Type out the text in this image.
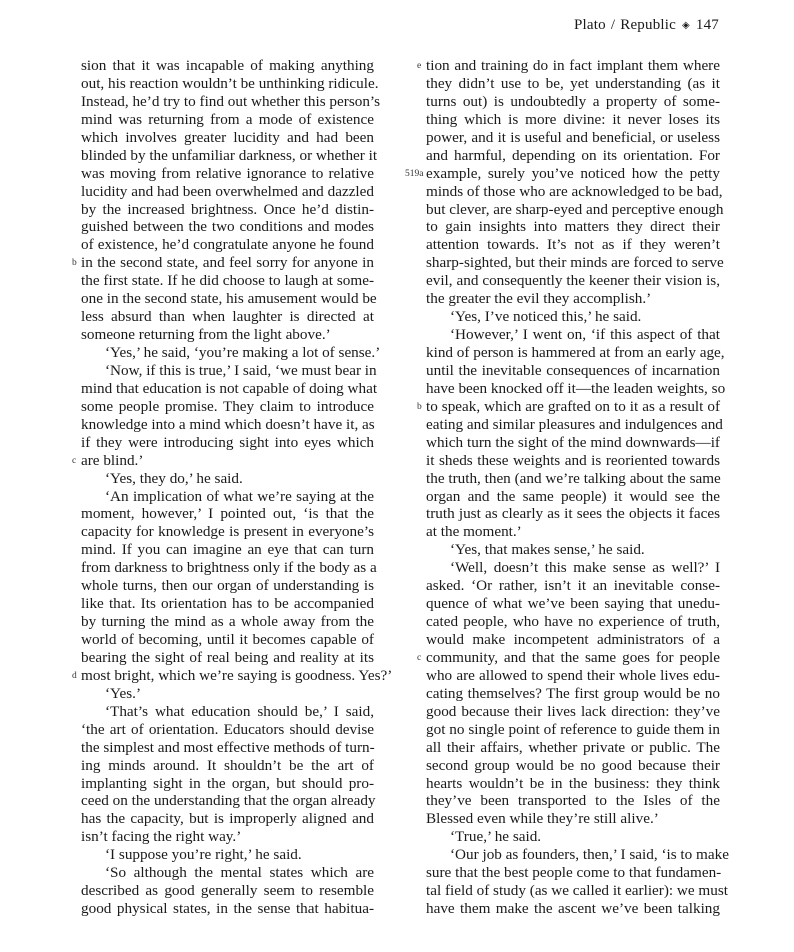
Plato / Republic ◈ 147
sion that it was incapable of making anything
out, his reaction wouldn’t be unthinking ridicule.
Instead, he’d try to find out whether this person’s
mind was returning from a mode of existence
which involves greater lucidity and had been
blinded by the unfamiliar darkness, or whether it
was moving from relative ignorance to relative
lucidity and had been overwhelmed and dazzled
by the increased brightness. Once he’d distin-
guished between the two conditions and modes
of existence, he’d congratulate anyone he found
b in the second state, and feel sorry for anyone in
the first state. If he did choose to laugh at some-
one in the second state, his amusement would be
less absurd than when laughter is directed at
someone returning from the light above.’
‘Yes,’ he said, ‘you’re making a lot of sense.’
‘Now, if this is true,’ I said, ‘we must bear in
mind that education is not capable of doing what
some people promise. They claim to introduce
knowledge into a mind which doesn’t have it, as
if they were introducing sight into eyes which
c are blind.’
‘Yes, they do,’ he said.
‘An implication of what we’re saying at the
moment, however,’ I pointed out, ‘is that the
capacity for knowledge is present in everyone’s
mind. If you can imagine an eye that can turn
from darkness to brightness only if the body as a
whole turns, then our organ of understanding is
like that. Its orientation has to be accompanied
by turning the mind as a whole away from the
world of becoming, until it becomes capable of
bearing the sight of real being and reality at its
d most bright, which we’re saying is goodness. Yes?’
‘Yes.’
‘That’s what education should be,’ I said,
‘the art of orientation. Educators should devise
the simplest and most effective methods of turn-
ing minds around. It shouldn’t be the art of
implanting sight in the organ, but should pro-
ceed on the understanding that the organ already
has the capacity, but is improperly aligned and
isn’t facing the right way.’
‘I suppose you’re right,’ he said.
‘So although the mental states which are
described as good generally seem to resemble
good physical states, in the sense that habitua-
e tion and training do in fact implant them where
they didn’t use to be, yet understanding (as it
turns out) is undoubtedly a property of some-
thing which is more divine: it never loses its
power, and it is useful and beneficial, or useless
and harmful, depending on its orientation. For
519a example, surely you’ve noticed how the petty
minds of those who are acknowledged to be bad,
but clever, are sharp-eyed and perceptive enough
to gain insights into matters they direct their
attention towards. It’s not as if they weren’t
sharp-sighted, but their minds are forced to serve
evil, and consequently the keener their vision is,
the greater the evil they accomplish.’
‘Yes, I’ve noticed this,’ he said.
‘However,’ I went on, ‘if this aspect of that
kind of person is hammered at from an early age,
until the inevitable consequences of incarnation
have been knocked off it—the leaden weights, so
b to speak, which are grafted on to it as a result of
eating and similar pleasures and indulgences and
which turn the sight of the mind downwards—if
it sheds these weights and is reoriented towards
the truth, then (and we’re talking about the same
organ and the same people) it would see the
truth just as clearly as it sees the objects it faces
at the moment.’
‘Yes, that makes sense,’ he said.
‘Well, doesn’t this make sense as well?’ I
asked. ‘Or rather, isn’t it an inevitable conse-
quence of what we’ve been saying that unedu-
cated people, who have no experience of truth,
would make incompetent administrators of a
c community, and that the same goes for people
who are allowed to spend their whole lives edu-
cating themselves? The first group would be no
good because their lives lack direction: they’ve
got no single point of reference to guide them in
all their affairs, whether private or public. The
second group would be no good because their
hearts wouldn’t be in the business: they think
they’ve been transported to the Isles of the
Blessed even while they’re still alive.’
‘True,’ he said.
‘Our job as founders, then,’ I said, ‘is to make
sure that the best people come to that fundamen-
tal field of study (as we called it earlier): we must
have them make the ascent we’ve been talking
